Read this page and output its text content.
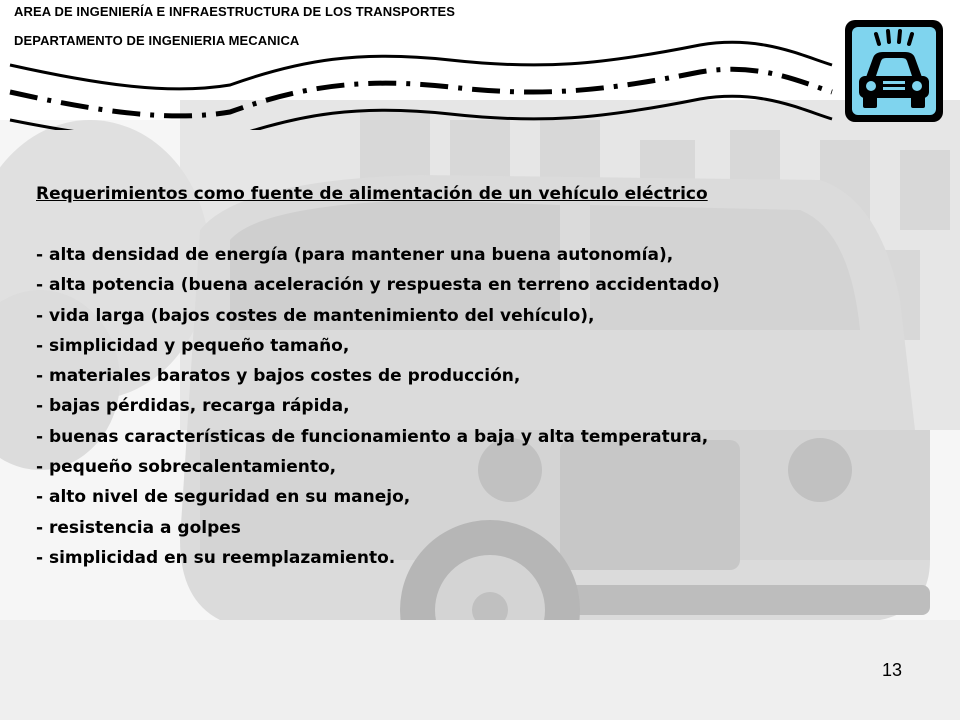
AREA DE INGENIERÍA E INFRAESTRUCTURA DE LOS TRANSPORTES
DEPARTAMENTO DE INGENIERIA MECANICA
Requerimientos como fuente de alimentación de un vehículo eléctrico
- alta densidad de energía (para mantener una buena autonomía),
- alta potencia (buena aceleración y respuesta en terreno accidentado)
- vida larga (bajos costes de mantenimiento del vehículo),
- simplicidad y pequeño tamaño,
- materiales baratos y bajos costes de producción,
- bajas pérdidas, recarga rápida,
- buenas características de funcionamiento a baja y alta temperatura,
- pequeño sobrecalentamiento,
- alto nivel de seguridad en su manejo,
- resistencia a golpes
- simplicidad en su reemplazamiento.
13
